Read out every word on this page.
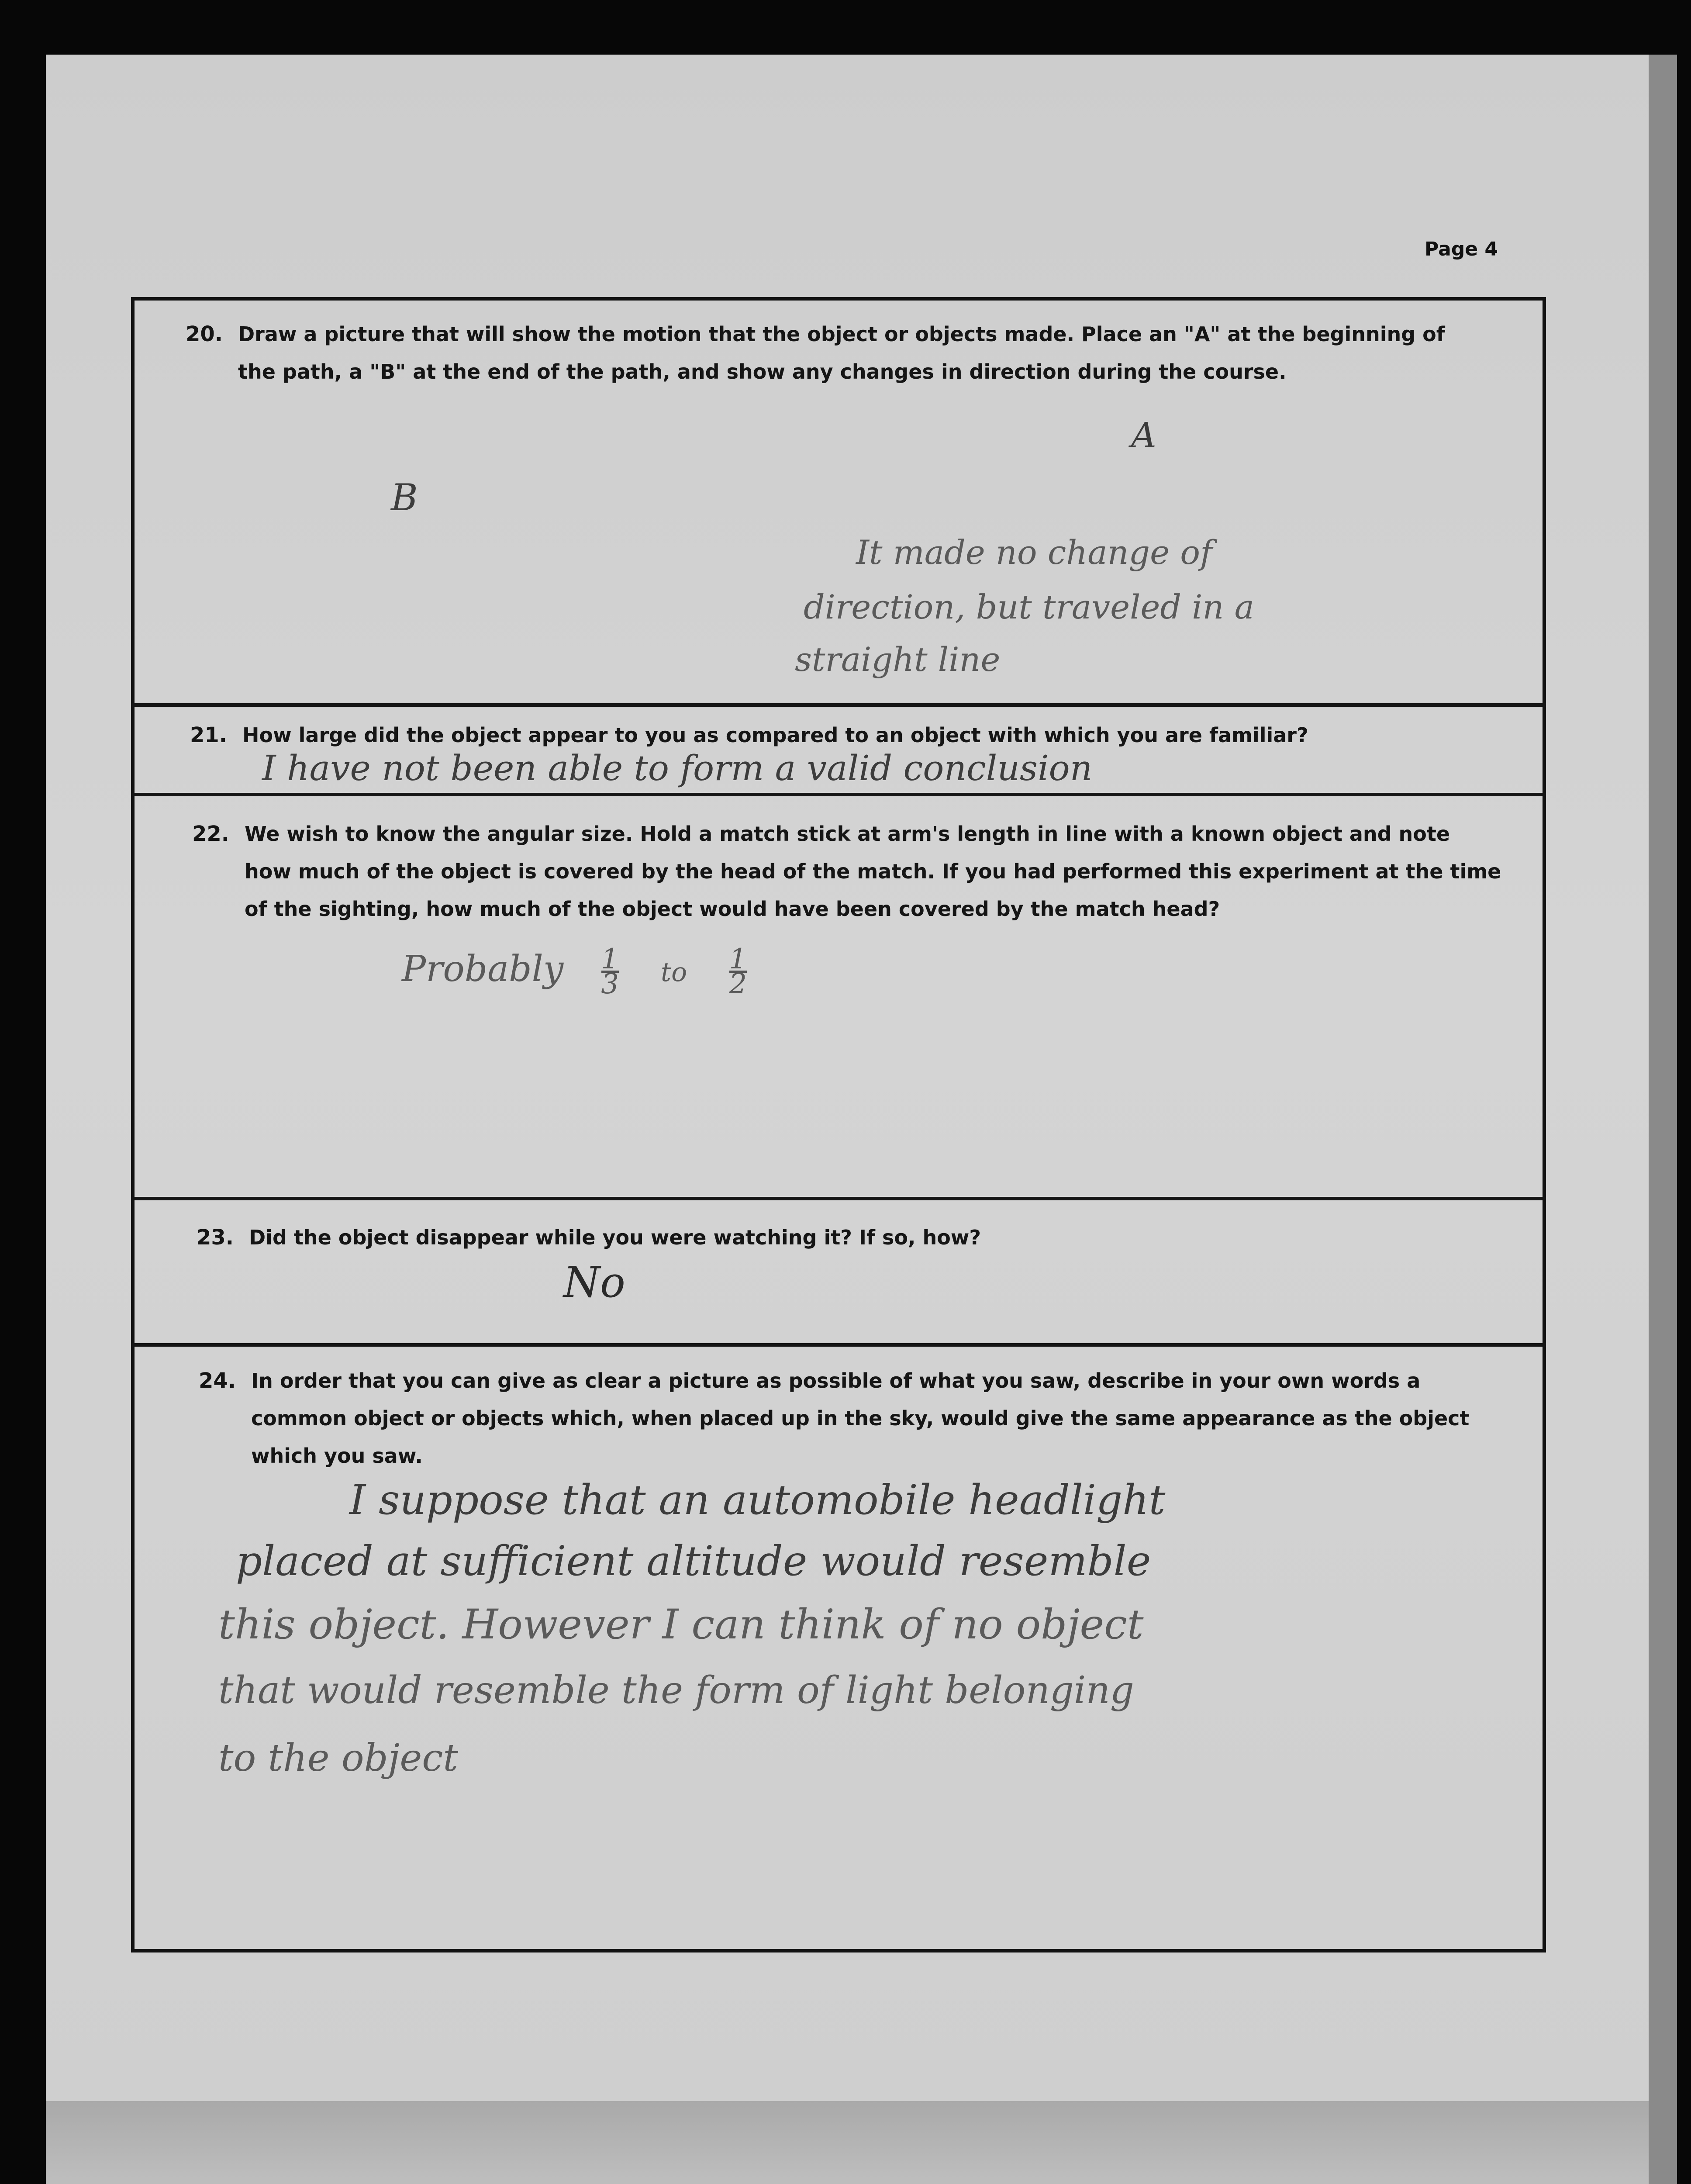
Page 4
20. Draw a picture that will show the motion that the object or objects made. Place an "A" at the beginning of
the path, a "B" at the end of the path, and show any changes in direction during the course.
A
B
It made no change of
direction, but traveled in a
straight line
21. How large did the object appear to you as compared to an object with which you are familiar?
I have not been able to form a valid conclusion
22. We wish to know the angular size. Hold a match stick at arm's length in line with a known object and note
how much of the object is covered by the head of the match. If you had performed this experiment at the time
of the sighting, how much of the object would have been covered by the match head?
Probably 1
3 to 1
2
23. Did the object disappear while you were watching it? If so, how?
No
24. In order that you can give as clear a picture as possible of what you saw, describe in your own words a
common object or objects which, when placed up in the sky, would give the same appearance as the object
which you saw.
I suppose that an automobile headlight
placed at sufficient altitude would resemble
this object. However I can think of no object
that would resemble the form of light belonging
to the object
